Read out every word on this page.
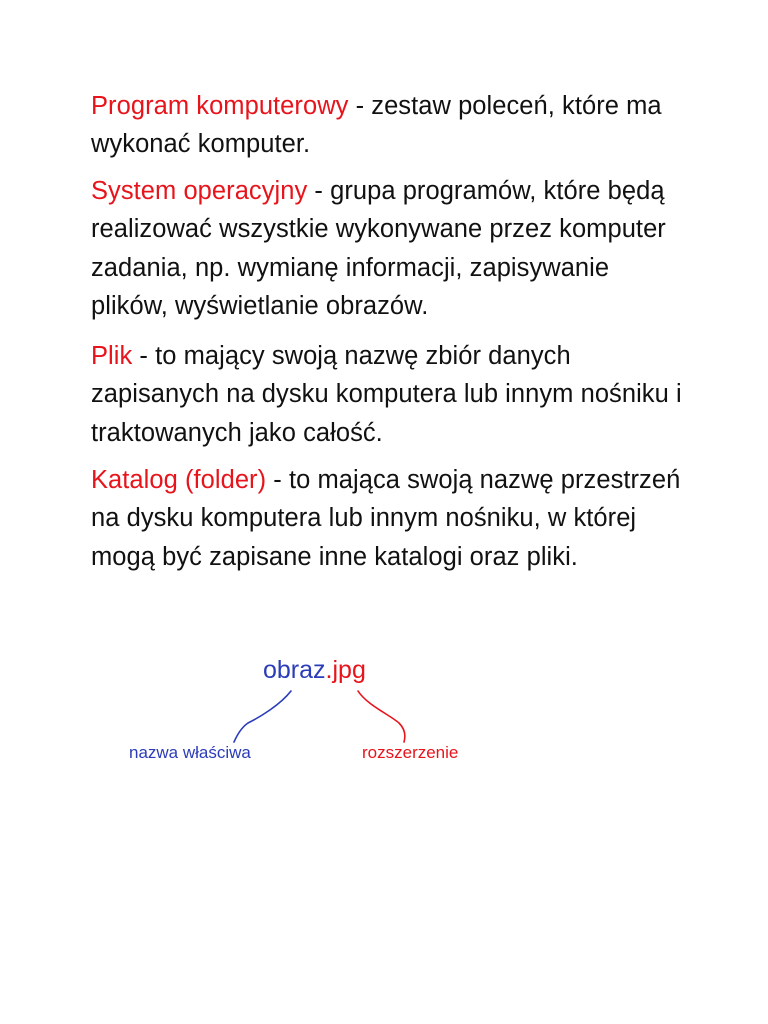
Program komputerowy - zestaw poleceń, które ma wykonać komputer.

System operacyjny - grupa programów, które będą realizować wszystkie wykonywane przez komputer zadania, np. wymianę informacji, zapisywanie plików, wyświetlanie obrazów.

Plik - to mający swoją nazwę zbiór danych zapisanych na dysku komputera lub innym nośniku i traktowanych jako całość.

Katalog (folder) - to mająca swoją nazwę przestrzeń na dysku komputera lub innym nośniku, w której mogą być zapisane inne katalogi oraz pliki.

obraz.jpg
nazwa właściwa	rozszerzenie
